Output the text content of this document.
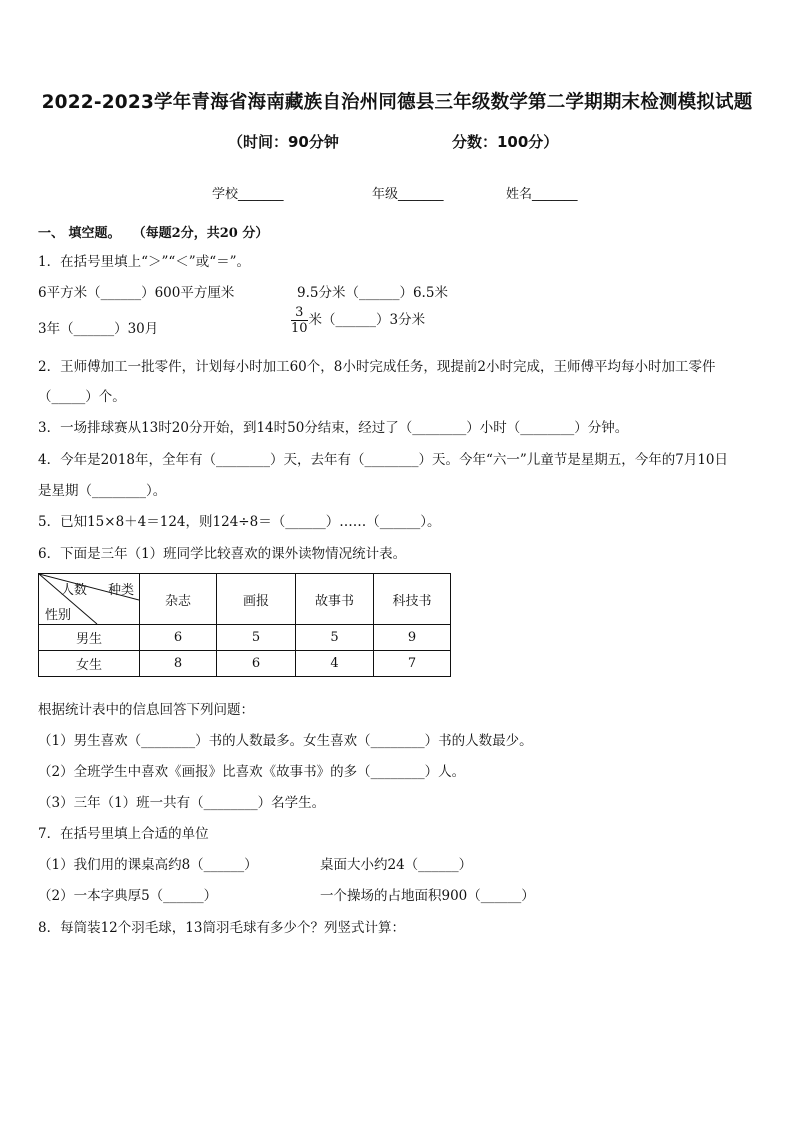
2022-2023学年青海省海南藏族自治州同德县三年级数学第二学期期末检测模拟试题
（时间：90分钟	分数：100分）
学校_______	年级_______	姓名_______
一、 填空题。 （每题2分，共20 分）
1．在括号里填上“＞”“＜”或“＝”。
6平方米（______）600平方厘米	9.5分米（______）6.5米
3年（______）30月	$\frac{3}{10}$ 米（______）3分米
2．王师傅加工一批零件，计划每小时加工60个，8小时完成任务，现提前2小时完成，王师傅平均每小时加工零件
（_____）个。
3．一场排球赛从13时20分开始，到14时50分结束，经过了（________）小时（________）分钟。
4．今年是2018年，全年有（________）天，去年有（________）天。今年“六一”儿童节是星期五，今年的7月10日
是星期（________）。
5．已知15×8＋4＝124，则124÷8＝（______）……（______）。
6．下面是三年（1）班同学比较喜欢的课外读物情况统计表。
人数 种类
性别	杂志	画报	故事书	科技书
男生	6	5	5	9
女生	8	6	4	7
根据统计表中的信息回答下列问题：
（1）男生喜欢（________）书的人数最多。女生喜欢（________）书的人数最少。
（2）全班学生中喜欢《画报》比喜欢《故事书》的多（________）人。
（3）三年（1）班一共有（________）名学生。
7．在括号里填上合适的单位
（1）我们用的课桌高约8（______）	桌面大小约24（______）
（2）一本字典厚5（______）	一个操场的占地面积900（______）
8．每筒装12个羽毛球，13筒羽毛球有多少个？列竖式计算：
